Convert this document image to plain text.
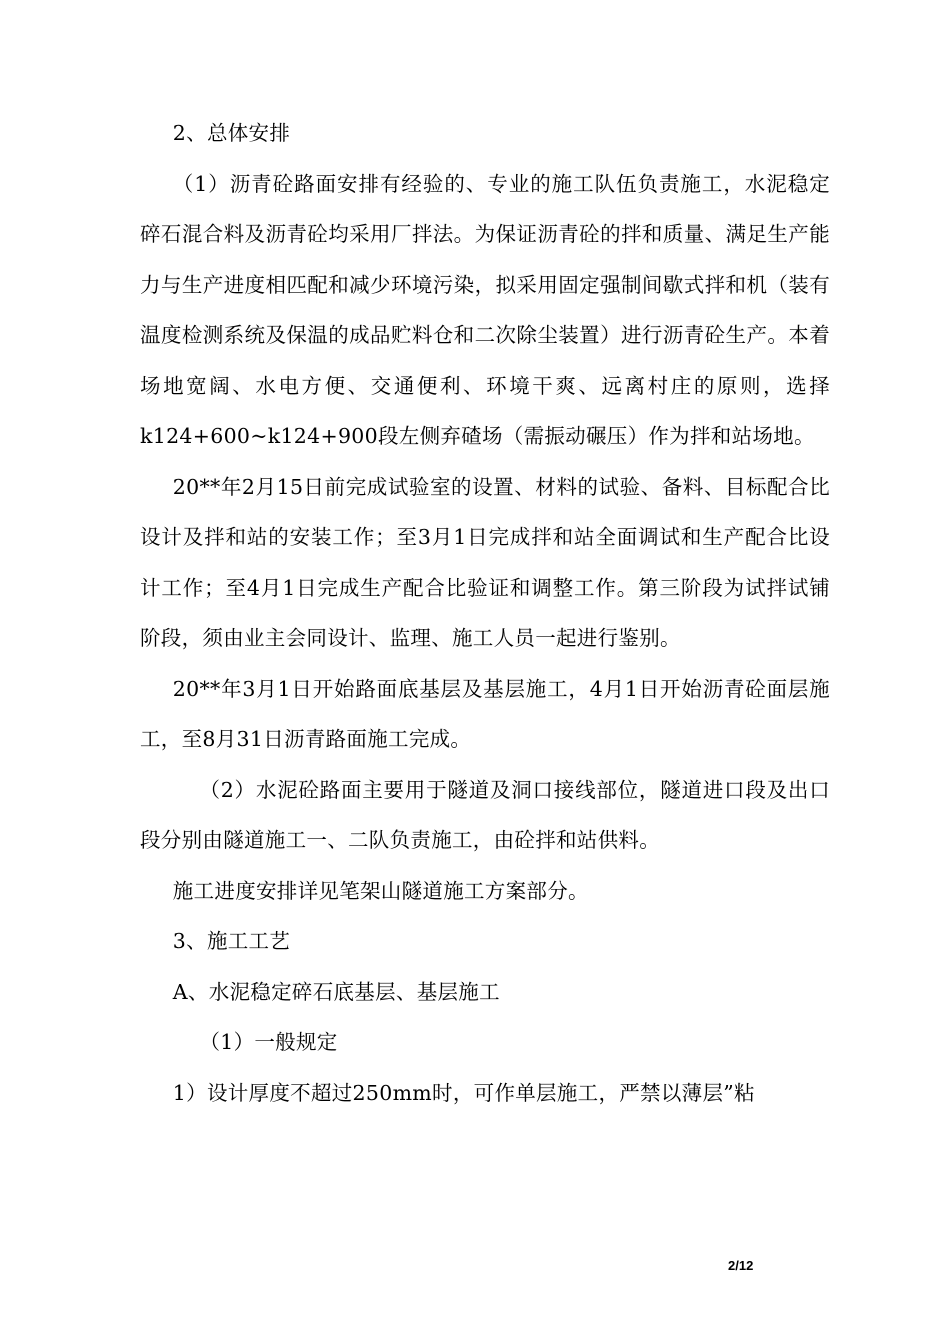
2、总体安排

（1）沥青砼路面安排有经验的、专业的施工队伍负责施工，水泥稳定碎石混合料及沥青砼均采用厂拌法。为保证沥青砼的拌和质量、满足生产能力与生产进度相匹配和减少环境污染，拟采用固定强制间歇式拌和机（装有温度检测系统及保温的成品贮料仓和二次除尘装置）进行沥青砼生产。本着场地宽阔、水电方便、交通便利、环境干爽、远离村庄的原则，选择k124+600~k124+900段左侧弃碴场（需振动碾压）作为拌和站场地。

20**年2月15日前完成试验室的设置、材料的试验、备料、目标配合比设计及拌和站的安装工作；至3月1日完成拌和站全面调试和生产配合比设计工作；至4月1日完成生产配合比验证和调整工作。第三阶段为试拌试铺阶段，须由业主会同设计、监理、施工人员一起进行鉴别。

20**年3月1日开始路面底基层及基层施工，4月1日开始沥青砼面层施工，至8月31日沥青路面施工完成。

（2）水泥砼路面主要用于隧道及洞口接线部位，隧道进口段及出口段分别由隧道施工一、二队负责施工，由砼拌和站供料。

施工进度安排详见笔架山隧道施工方案部分。

3、施工工艺

A、水泥稳定碎石底基层、基层施工

（1）一般规定

1）设计厚度不超过250mm时，可作单层施工，严禁以薄层”粘

2/12
